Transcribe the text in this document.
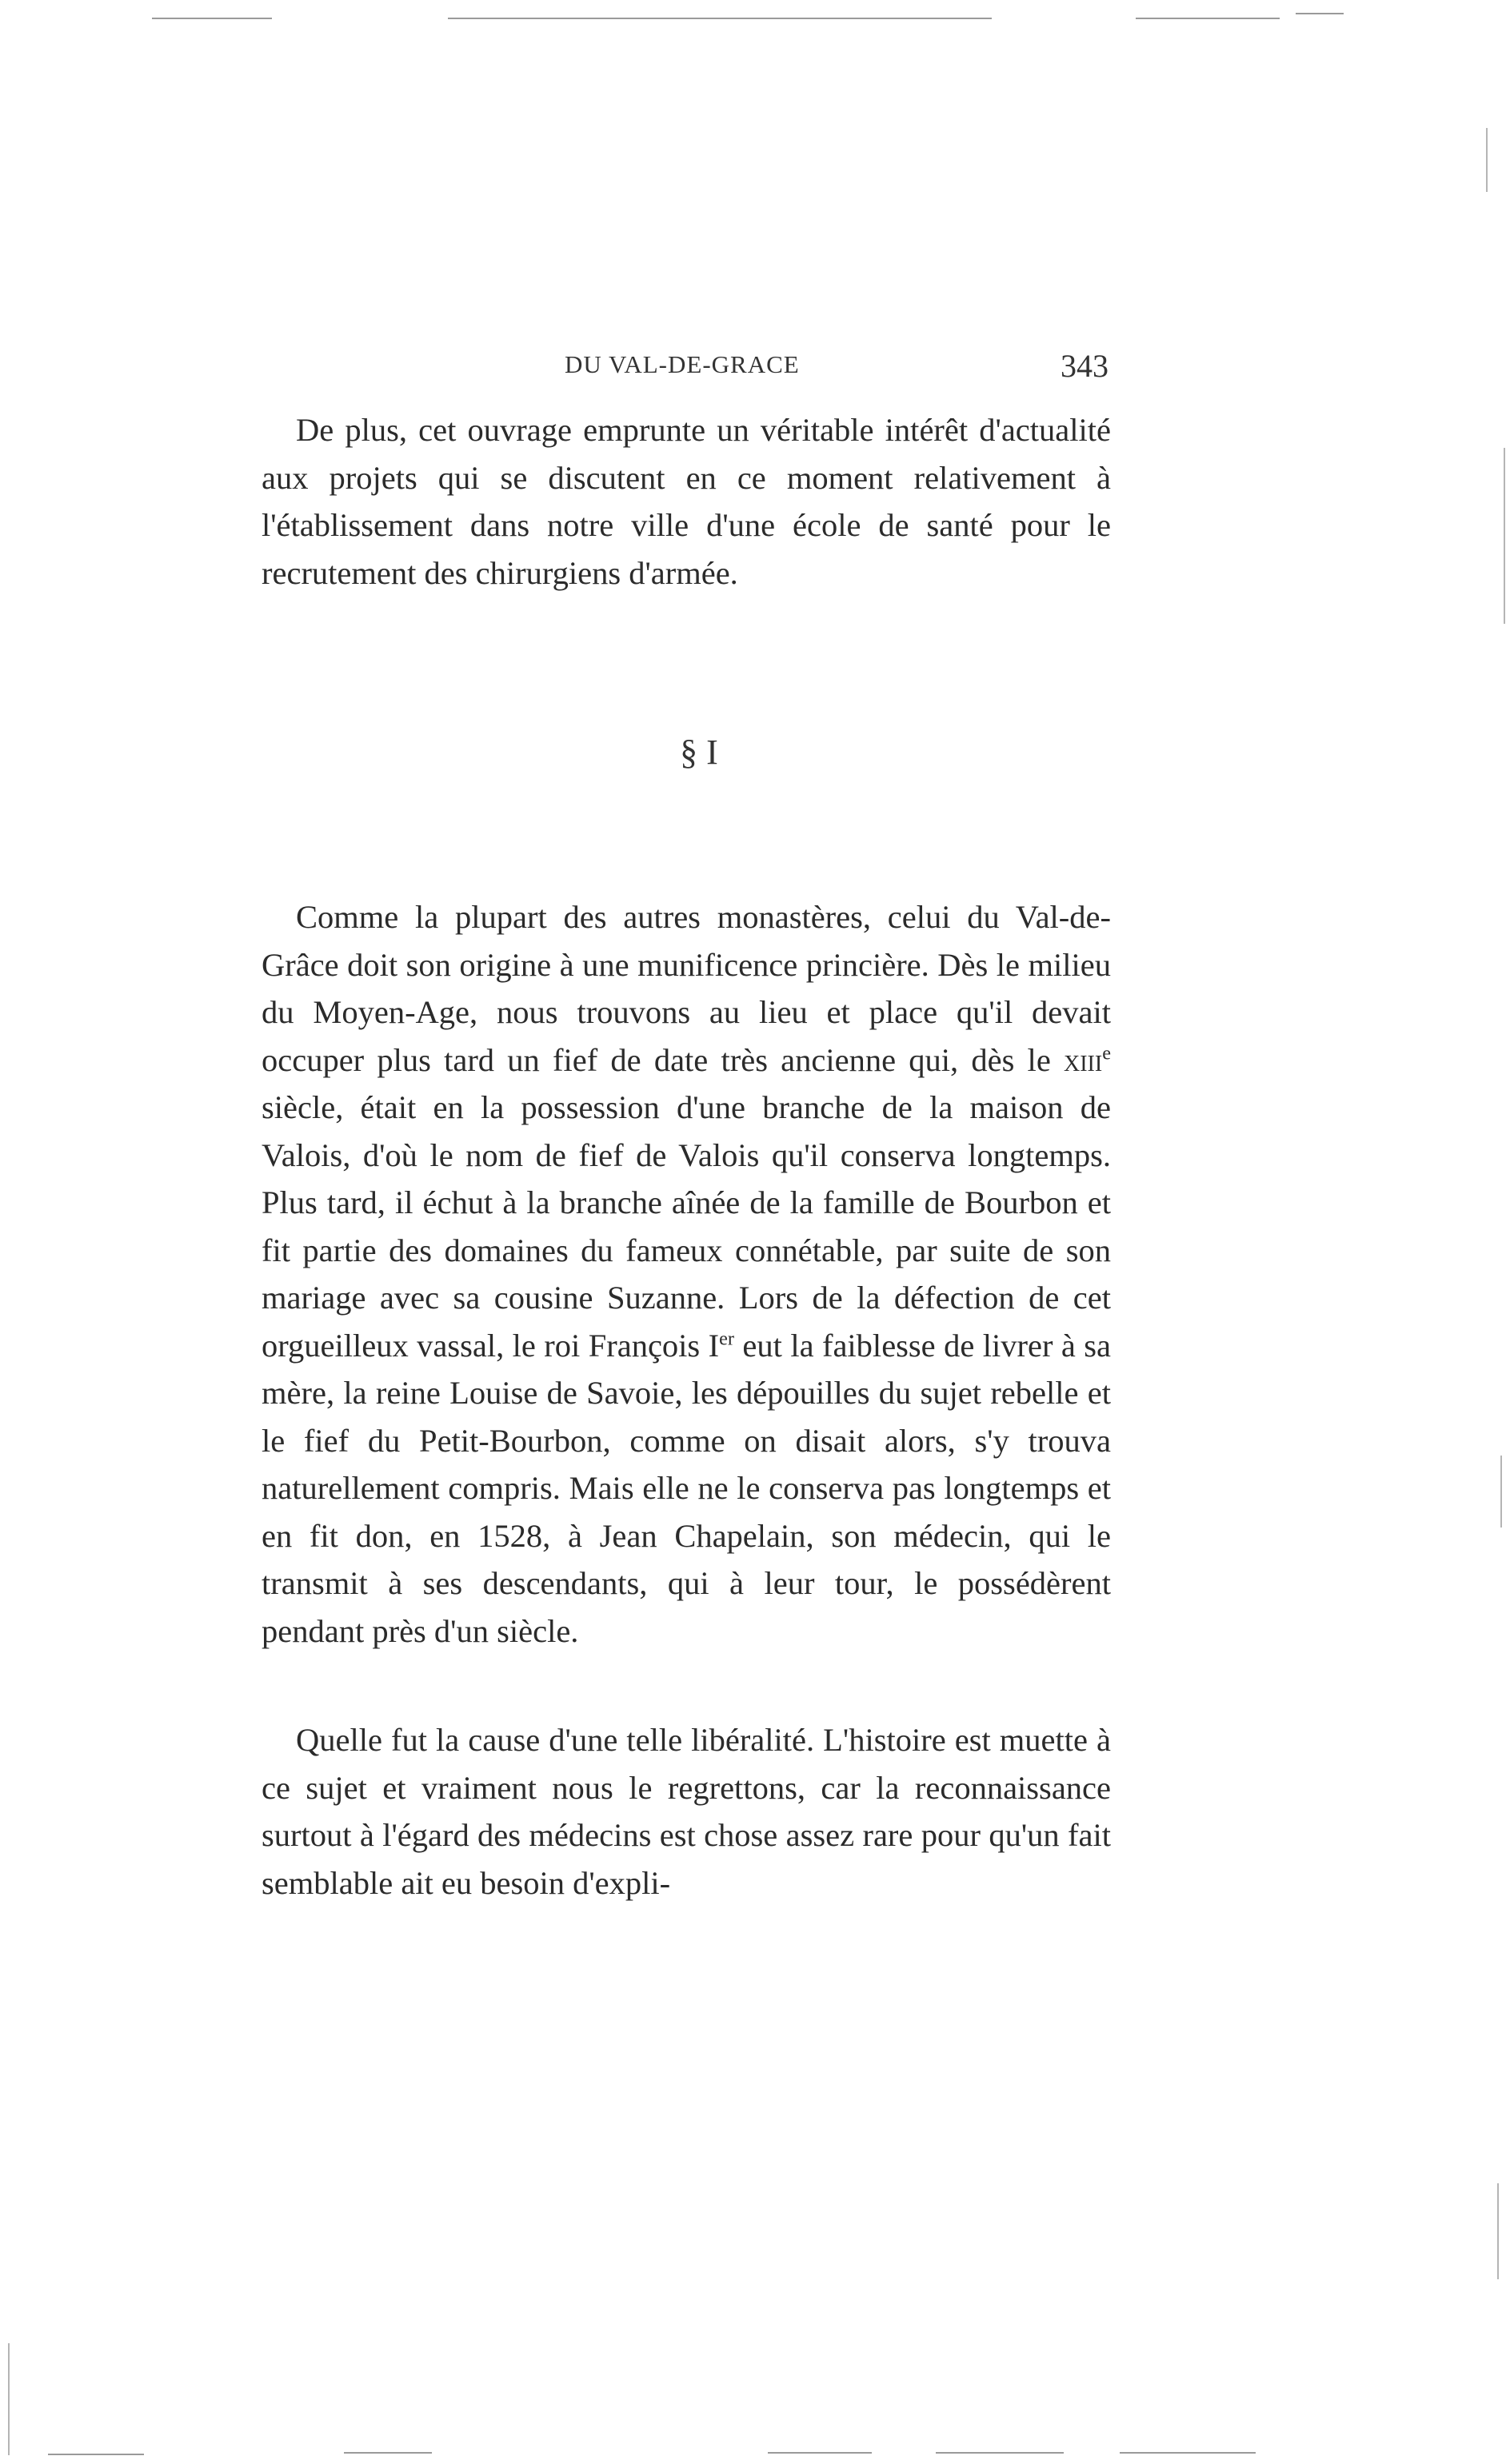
DU VAL-DE-GRACE	343

De plus, cet ouvrage emprunte un véritable intérêt d'actualité aux projets qui se discutent en ce moment relativement à l'établissement dans notre ville d'une école de santé pour le recrutement des chirurgiens d'armée.

§ I

Comme la plupart des autres monastères, celui du Val-de-Grâce doit son origine à une munificence princière. Dès le milieu du Moyen-Age, nous trouvons au lieu et place qu'il devait occuper plus tard un fief de date très ancienne qui, dès le xiii$^e$ siècle, était en la possession d'une branche de la maison de Valois, d'où le nom de fief de Valois qu'il conserva longtemps. Plus tard, il échut à la branche aînée de la famille de Bourbon et fit partie des domaines du fameux connétable, par suite de son mariage avec sa cousine Suzanne. Lors de la défection de cet orgueilleux vassal, le roi François Ier eut la faiblesse de livrer à sa mère, la reine Louise de Savoie, les dépouilles du sujet rebelle et le fief du Petit-Bourbon, comme on disait alors, s'y trouva naturellement compris. Mais elle ne le conserva pas longtemps et en fit don, en 1528, à Jean Chapelain, son médecin, qui le transmit à ses descendants, qui à leur tour, le possédèrent pendant près d'un siècle.

Quelle fut la cause d'une telle libéralité. L'histoire est muette à ce sujet et vraiment nous le regrettons, car la reconnaissance surtout à l'égard des médecins est chose assez rare pour qu'un fait semblable ait eu besoin d'expli-
